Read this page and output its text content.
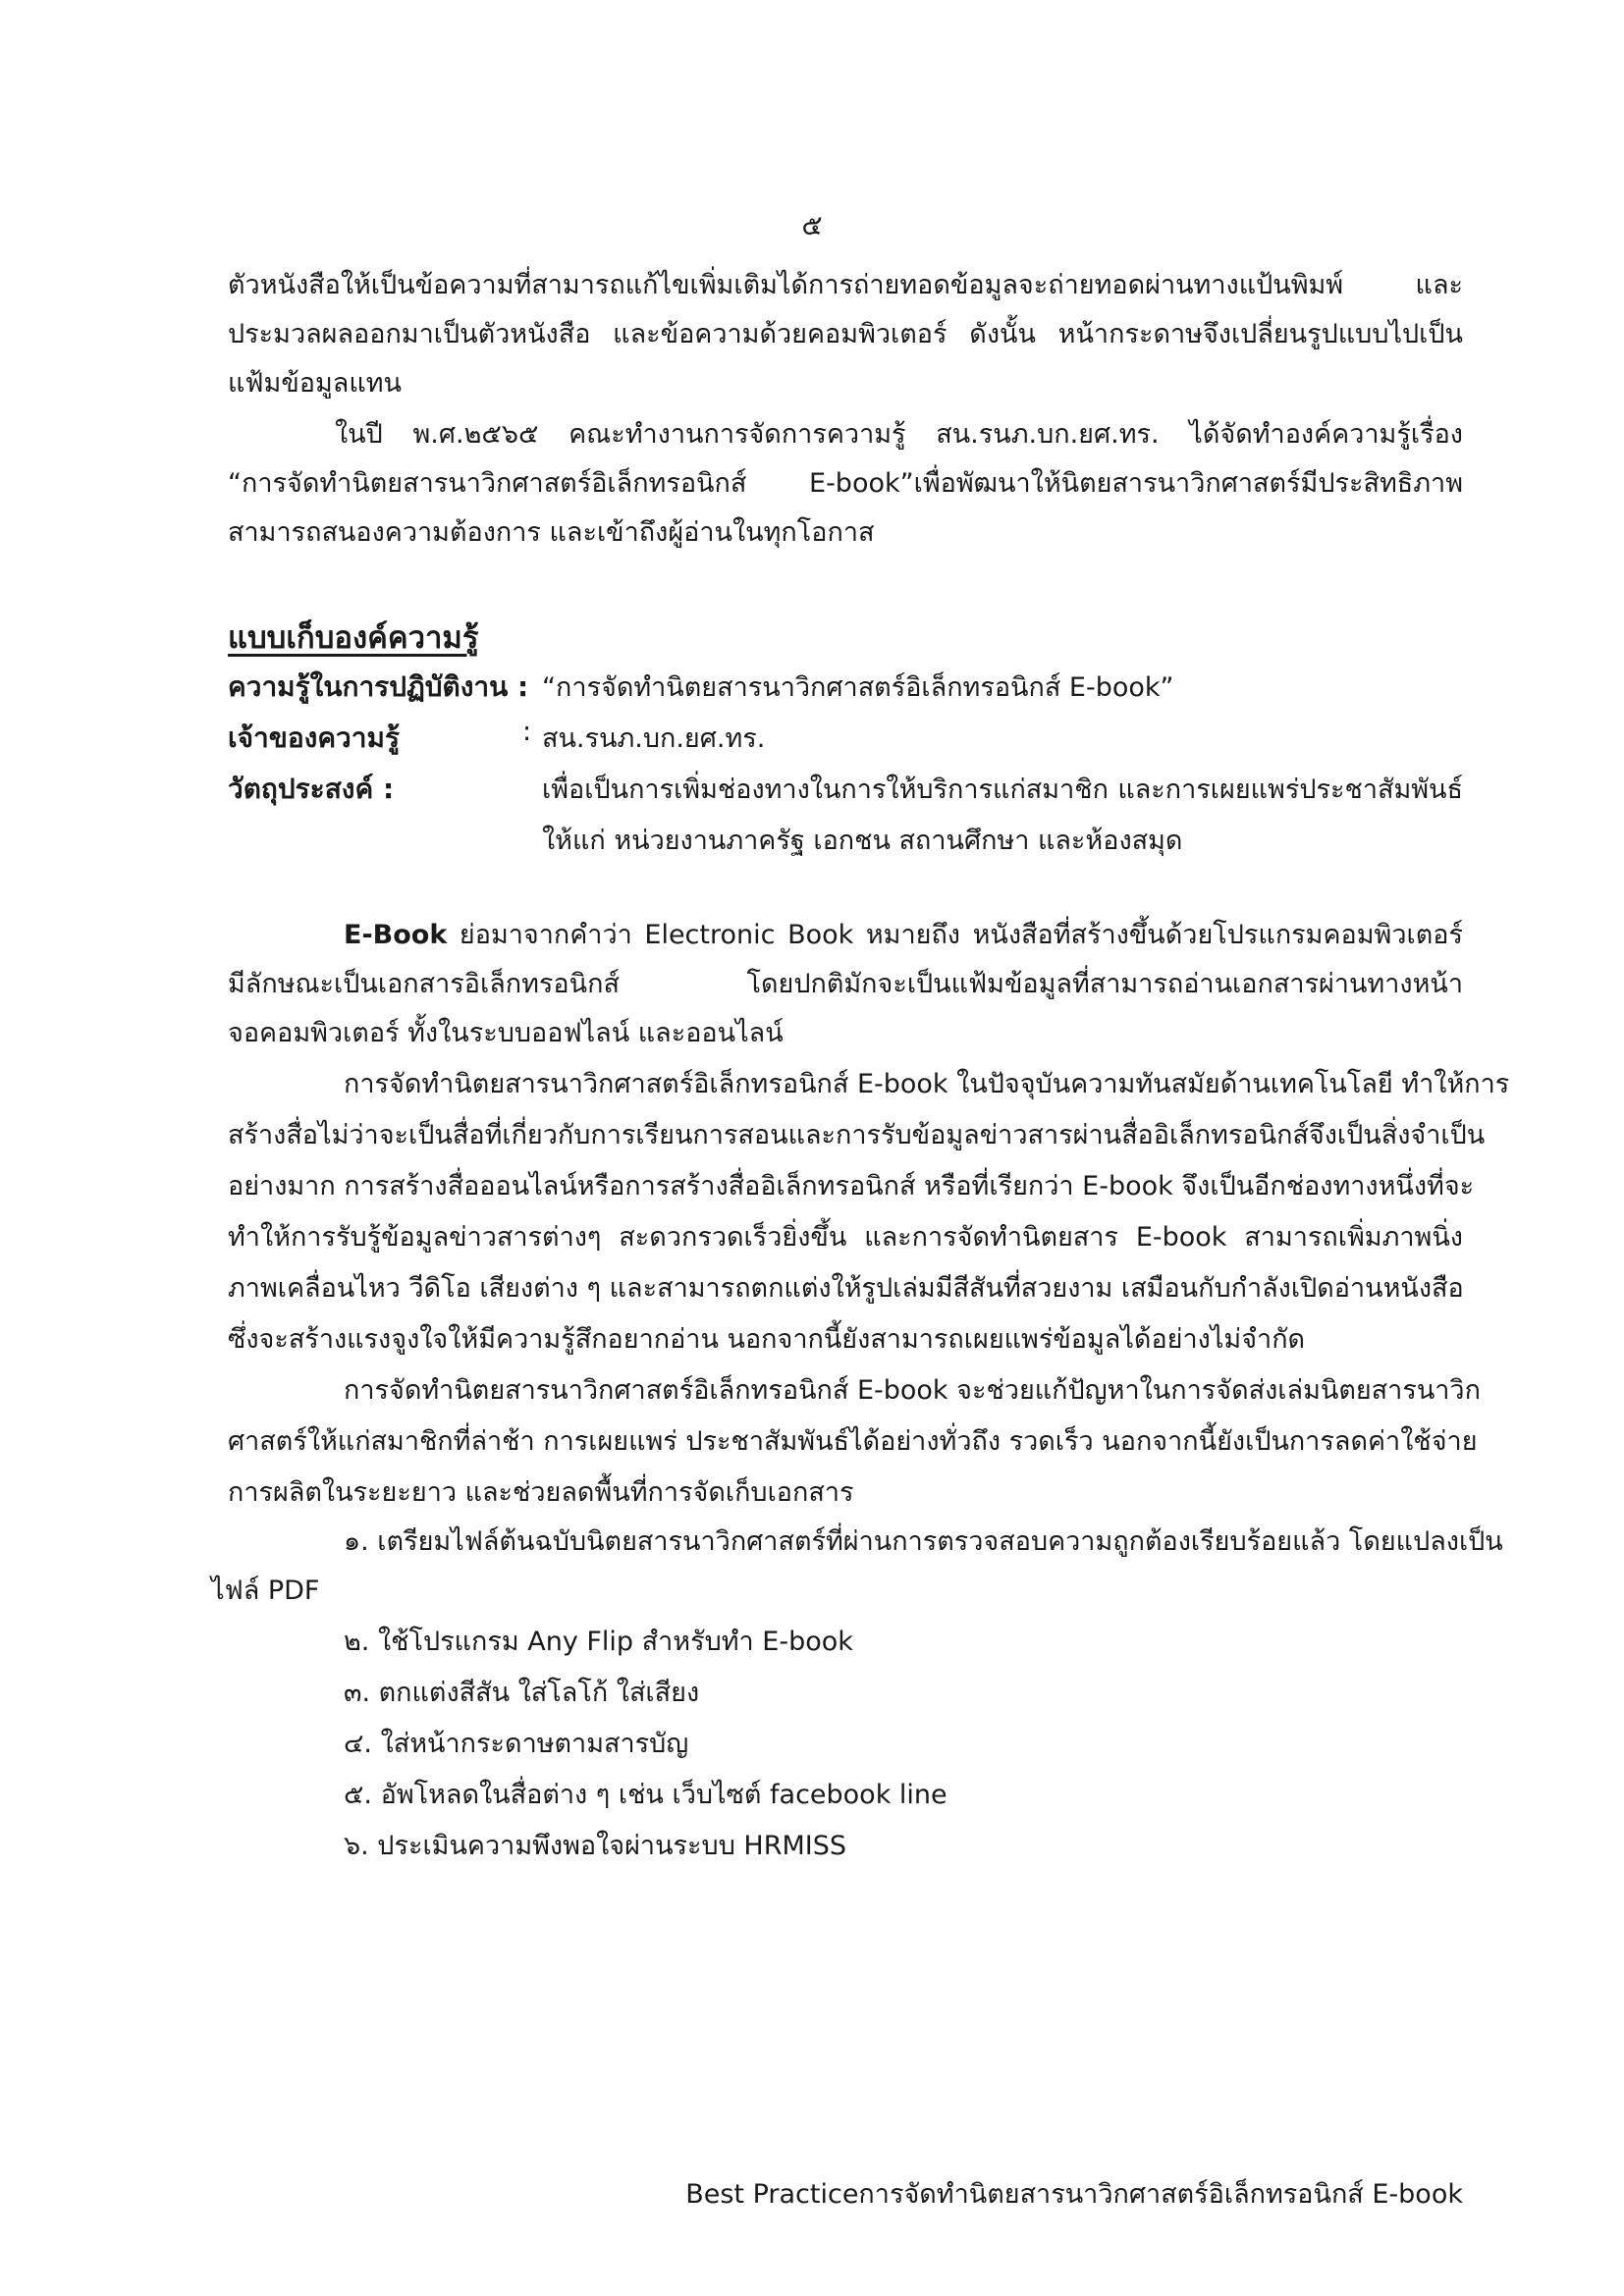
๕
ตัวหนังสือให้เป็นข้อความที่สามารถแก้ไขเพิ่มเติมได้การถ่ายทอดข้อมูลจะถ่ายทอดผ่านทางแป้นพิมพ์ และ
ประมวลผลออกมาเป็นตัวหนังสือ และข้อความด้วยคอมพิวเตอร์ ดังนั้น หน้ากระดาษจึงเปลี่ยนรูปแบบไปเป็น
แฟ้มข้อมูลแทน
ในปี พ.ศ.๒๕๖๕ คณะทำงานการจัดการความรู้ สน.รนภ.บก.ยศ.ทร. ได้จัดทำองค์ความรู้เรื่อง
“การจัดทำนิตยสารนาวิกศาสตร์อิเล็กทรอนิกส์ E-book”เพื่อพัฒนาให้นิตยสารนาวิกศาสตร์มีประสิทธิภาพ
สามารถสนองความต้องการ และเข้าถึงผู้อ่านในทุกโอกาส
แบบเก็บองค์ความรู้
ความรู้ในการปฏิบัติงาน : “การจัดทำนิตยสารนาวิกศาสตร์อิเล็กทรอนิกส์ E-book”
เจ้าของความรู้	: สน.รนภ.บก.ยศ.ทร.
วัตถุประสงค์ :	เพื่อเป็นการเพิ่มช่องทางในการให้บริการแก่สมาชิก และการเผยแพร่ประชาสัมพันธ์
ให้แก่ หน่วยงานภาครัฐ เอกชน สถานศึกษา และห้องสมุด
E-Book ย่อมาจากคำว่า Electronic Book หมายถึง หนังสือที่สร้างขึ้นด้วยโปรแกรมคอมพิวเตอร์
มีลักษณะเป็นเอกสารอิเล็กทรอนิกส์ โดยปกติมักจะเป็นแฟ้มข้อมูลที่สามารถอ่านเอกสารผ่านทางหน้า
จอคอมพิวเตอร์ ทั้งในระบบออฟไลน์ และออนไลน์
การจัดทำนิตยสารนาวิกศาสตร์อิเล็กทรอนิกส์ E-book ในปัจจุบันความทันสมัยด้านเทคโนโลยี ทำให้การ
สร้างสื่อไม่ว่าจะเป็นสื่อที่เกี่ยวกับการเรียนการสอนและการรับข้อมูลข่าวสารผ่านสื่ออิเล็กทรอนิกส์จึงเป็นสิ่งจำเป็น
อย่างมาก การสร้างสื่อออนไลน์หรือการสร้างสื่ออิเล็กทรอนิกส์ หรือที่เรียกว่า E-book จึงเป็นอีกช่องทางหนึ่งที่จะ
ทำให้การรับรู้ข้อมูลข่าวสารต่างๆ สะดวกรวดเร็วยิ่งขึ้น และการจัดทำนิตยสาร E-book สามารถเพิ่มภาพนิ่ง
ภาพเคลื่อนไหว วีดิโอ เสียงต่าง ๆ และสามารถตกแต่งให้รูปเล่มมีสีสันที่สวยงาม เสมือนกับกำลังเปิดอ่านหนังสือ
ซึ่งจะสร้างแรงจูงใจให้มีความรู้สึกอยากอ่าน นอกจากนี้ยังสามารถเผยแพร่ข้อมูลได้อย่างไม่จำกัด
การจัดทำนิตยสารนาวิกศาสตร์อิเล็กทรอนิกส์ E-book จะช่วยแก้ปัญหาในการจัดส่งเล่มนิตยสารนาวิก
ศาสตร์ให้แก่สมาชิกที่ล่าช้า การเผยแพร่ ประชาสัมพันธ์ได้อย่างทั่วถึง รวดเร็ว นอกจากนี้ยังเป็นการลดค่าใช้จ่าย
การผลิตในระยะยาว และช่วยลดพื้นที่การจัดเก็บเอกสาร
๑. เตรียมไฟล์ต้นฉบับนิตยสารนาวิกศาสตร์ที่ผ่านการตรวจสอบความถูกต้องเรียบร้อยแล้ว โดยแปลงเป็น
ไฟล์ PDF
๒. ใช้โปรแกรม Any Flip สำหรับทำ E-book
๓. ตกแต่งสีสัน ใส่โลโก้ ใส่เสียง
๔. ใส่หน้ากระดาษตามสารบัญ
๕. อัพโหลดในสื่อต่าง ๆ เช่น เว็บไซต์ facebook line
๖. ประเมินความพึงพอใจผ่านระบบ HRMISS
Best Practiceการจัดทำนิตยสารนาวิกศาสตร์อิเล็กทรอนิกส์ E-book
